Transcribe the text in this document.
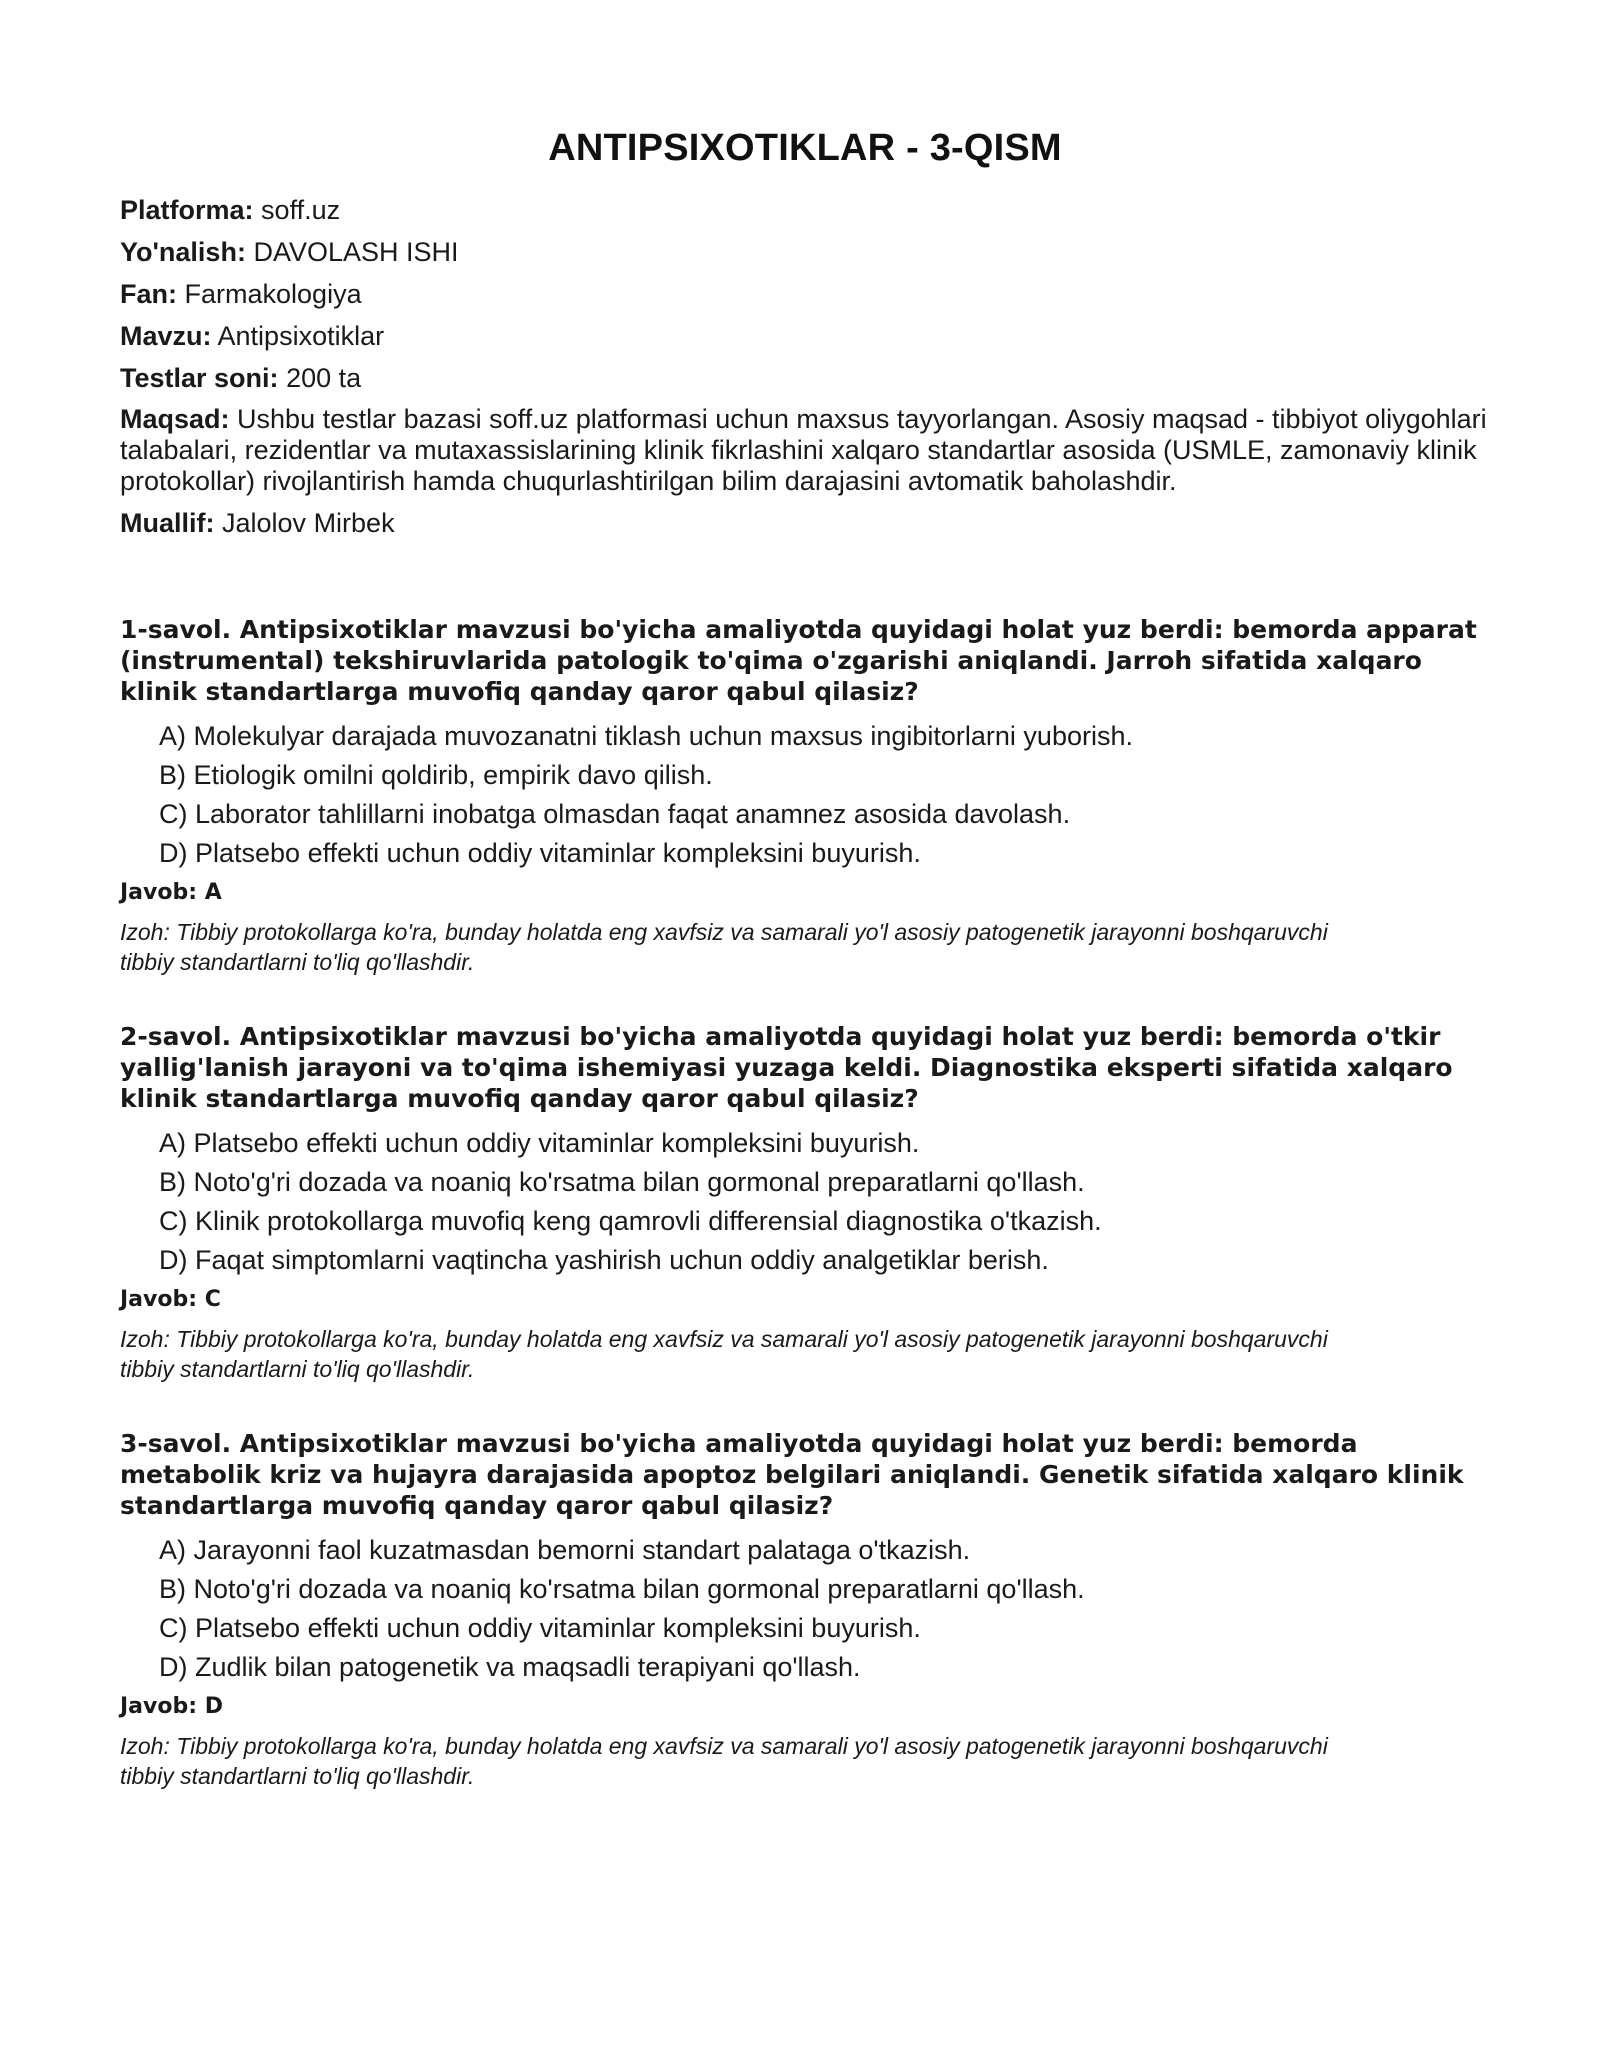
ANTIPSIXOTIKLAR - 3-QISM
Platforma: soff.uz
Yo'nalish: DAVOLASH ISHI
Fan: Farmakologiya
Mavzu: Antipsixotiklar
Testlar soni: 200 ta
Maqsad: Ushbu testlar bazasi soff.uz platformasi uchun maxsus tayyorlangan. Asosiy maqsad - tibbiyot oliygohlari talabalari, rezidentlar va mutaxassislarining klinik fikrlashini xalqaro standartlar asosida (USMLE, zamonaviy klinik protokollar) rivojlantirish hamda chuqurlashtirilgan bilim darajasini avtomatik baholashdir.
Muallif: Jalolov Mirbek

1-savol. Antipsixotiklar mavzusi bo'yicha amaliyotda quyidagi holat yuz berdi: bemorda apparat (instrumental) tekshiruvlarida patologik to'qima o'zgarishi aniqlandi. Jarroh sifatida xalqaro klinik standartlarga muvofiq qanday qaror qabul qilasiz?

A) Molekulyar darajada muvozanatni tiklash uchun maxsus ingibitorlarni yuborish.
B) Etiologik omilni qoldirib, empirik davo qilish.
C) Laborator tahlillarni inobatga olmasdan faqat anamnez asosida davolash.
D) Platsebo effekti uchun oddiy vitaminlar kompleksini buyurish.
Javob: A
Izoh: Tibbiy protokollarga ko'ra, bunday holatda eng xavfsiz va samarali yo'l asosiy patogenetik jarayonni boshqaruvchi tibbiy standartlarni to'liq qo'llashdir.

2-savol. Antipsixotiklar mavzusi bo'yicha amaliyotda quyidagi holat yuz berdi: bemorda o'tkir yallig'lanish jarayoni va to'qima ishemiyasi yuzaga keldi. Diagnostika eksperti sifatida xalqaro klinik standartlarga muvofiq qanday qaror qabul qilasiz?

A) Platsebo effekti uchun oddiy vitaminlar kompleksini buyurish.
B) Noto'g'ri dozada va noaniq ko'rsatma bilan gormonal preparatlarni qo'llash.
C) Klinik protokollarga muvofiq keng qamrovli differensial diagnostika o'tkazish.
D) Faqat simptomlarni vaqtincha yashirish uchun oddiy analgetiklar berish.
Javob: C
Izoh: Tibbiy protokollarga ko'ra, bunday holatda eng xavfsiz va samarali yo'l asosiy patogenetik jarayonni boshqaruvchi tibbiy standartlarni to'liq qo'llashdir.

3-savol. Antipsixotiklar mavzusi bo'yicha amaliyotda quyidagi holat yuz berdi: bemorda metabolik kriz va hujayra darajasida apoptoz belgilari aniqlandi. Genetik sifatida xalqaro klinik standartlarga muvofiq qanday qaror qabul qilasiz?

A) Jarayonni faol kuzatmasdan bemorni standart palataga o'tkazish.
B) Noto'g'ri dozada va noaniq ko'rsatma bilan gormonal preparatlarni qo'llash.
C) Platsebo effekti uchun oddiy vitaminlar kompleksini buyurish.
D) Zudlik bilan patogenetik va maqsadli terapiyani qo'llash.
Javob: D
Izoh: Tibbiy protokollarga ko'ra, bunday holatda eng xavfsiz va samarali yo'l asosiy patogenetik jarayonni boshqaruvchi tibbiy standartlarni to'liq qo'llashdir.
